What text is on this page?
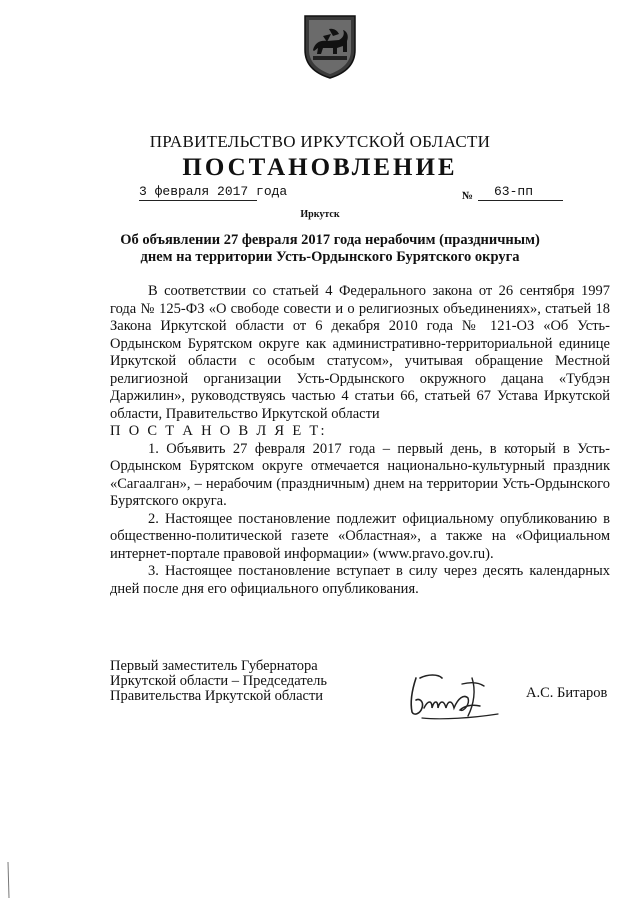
ПРАВИТЕЛЬСТВО ИРКУТСКОЙ ОБЛАСТИ
ПОСТАНОВЛЕНИЕ
3 февраля 2017 года	№	63-пп
Иркутск
Об объявлении 27 февраля 2017 года нерабочим (праздничным)
днем на территории Усть-Ордынского Бурятского округа

В соответствии со статьей 4 Федерального закона от 26 сентября 1997 года № 125-ФЗ «О свободе совести и о религиозных объединениях», статьей 18 Закона Иркутской области от 6 декабря 2010 года № 121-ОЗ «Об Усть-Ордынском Бурятском округе как административно-территориальной единице Иркутской области с особым статусом», учитывая обращение Местной религиозной организации Усть-Ордынского окружного дацана «Тубдэн Даржилин», руководствуясь частью 4 статьи 66, статьей 67 Устава Иркутской области, Правительство Иркутской области

П О С Т А Н О В Л Я Е Т:

1. Объявить 27 февраля 2017 года – первый день, в который в Усть-Ордынском Бурятском округе отмечается национально-культурный праздник «Сагаалган», – нерабочим (праздничным) днем на территории Усть-Ордынского Бурятского округа.

2. Настоящее постановление подлежит официальному опубликованию в общественно-политической газете «Областная», а также на «Официальном интернет-портале правовой информации» (www.pravo.gov.ru).

3. Настоящее постановление вступает в силу через десять календарных дней после дня его официального опубликования.

Первый заместитель Губернатора
Иркутской области – Председатель
Правительства Иркутской области	А.С. Битаров
